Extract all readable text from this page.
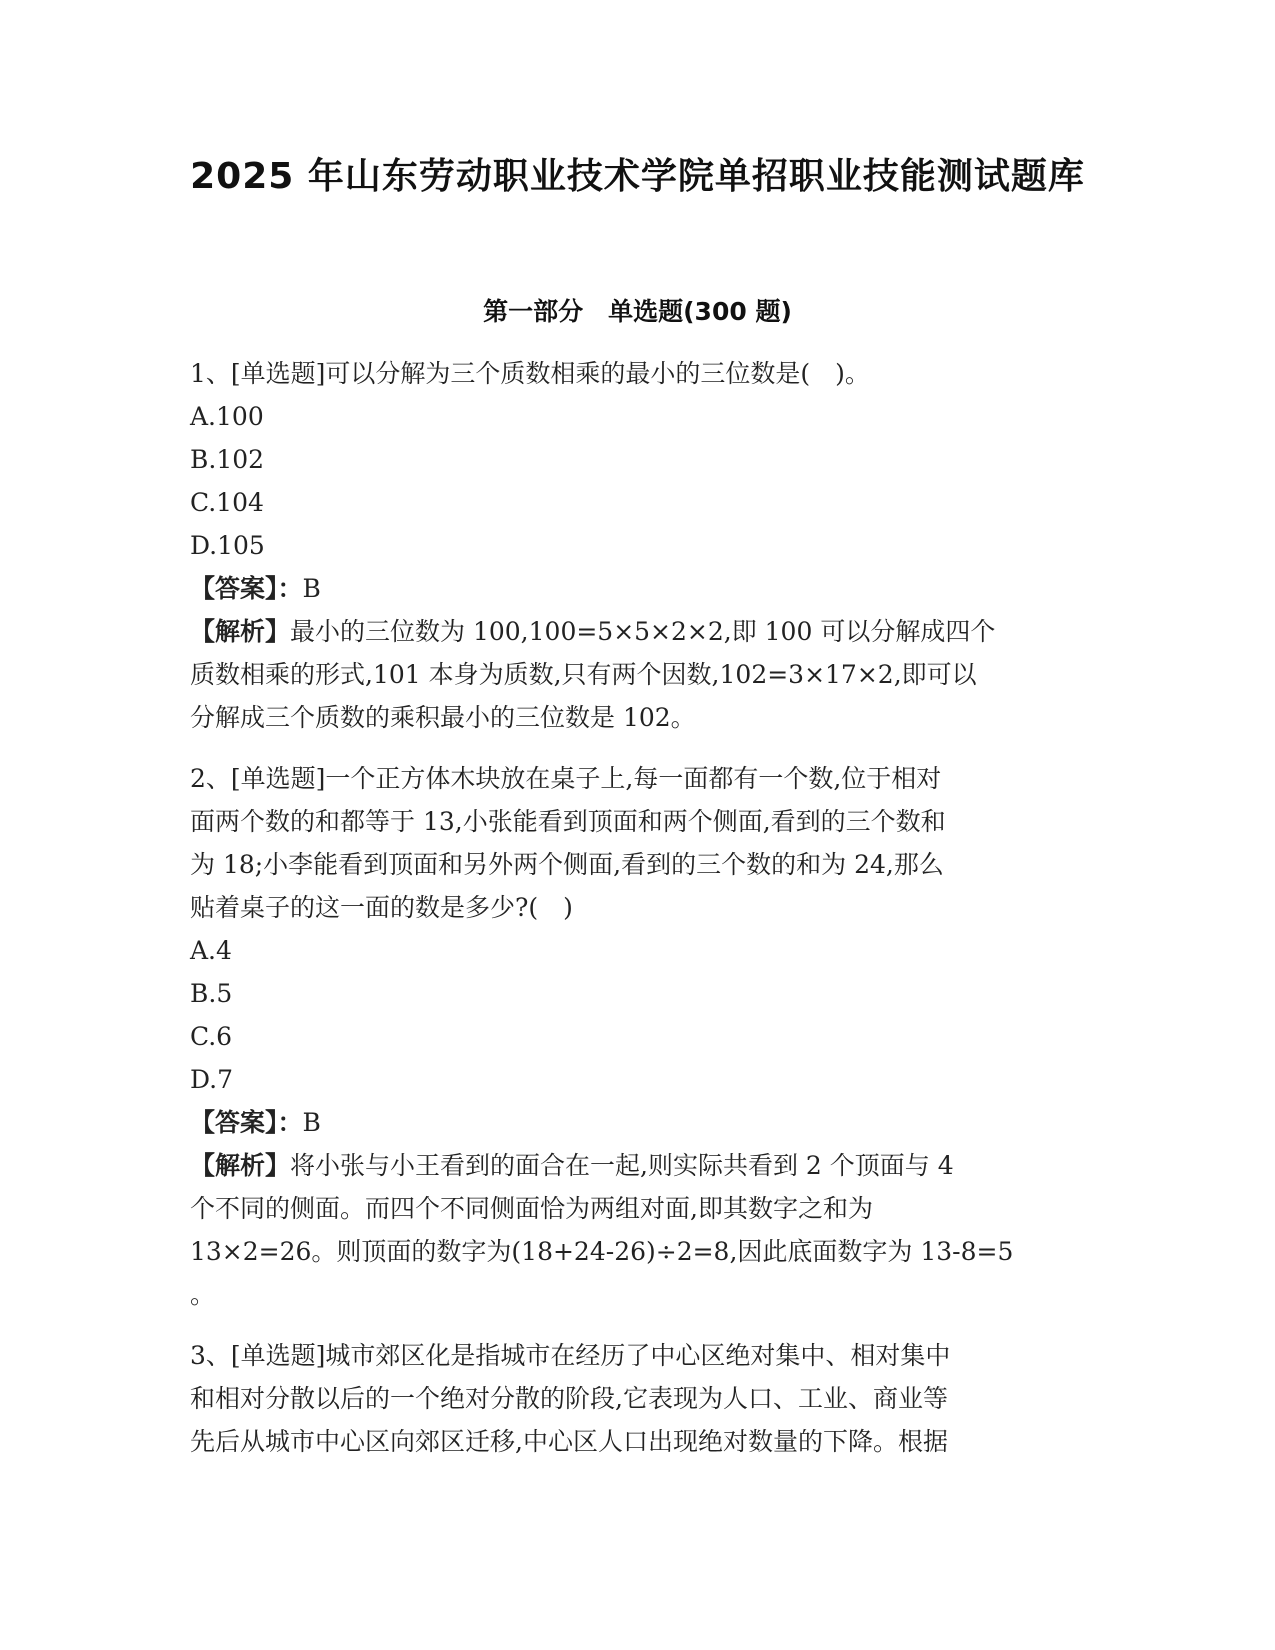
2025 年山东劳动职业技术学院单招职业技能测试题库
第一部分　单选题(300 题)

1、[单选题]可以分解为三个质数相乘的最小的三位数是(　)。

A.100

B.102

C.104

D.105

【答案】：B

【解析】最小的三位数为 100,100=5×5×2×2,即 100 可以分解成四个

质数相乘的形式,101 本身为质数,只有两个因数,102=3×17×2,即可以

分解成三个质数的乘积最小的三位数是 102。

2、[单选题]一个正方体木块放在桌子上,每一面都有一个数,位于相对

面两个数的和都等于 13,小张能看到顶面和两个侧面,看到的三个数和

为 18;小李能看到顶面和另外两个侧面,看到的三个数的和为 24,那么

贴着桌子的这一面的数是多少?(　)

A.4

B.5

C.6

D.7

【答案】：B

【解析】将小张与小王看到的面合在一起,则实际共看到 2 个顶面与 4

个不同的侧面。而四个不同侧面恰为两组对面,即其数字之和为

13×2=26。则顶面的数字为(18+24-26)÷2=8,因此底面数字为 13-8=5

。

3、[单选题]城市郊区化是指城市在经历了中心区绝对集中、相对集中

和相对分散以后的一个绝对分散的阶段,它表现为人口、工业、商业等

先后从城市中心区向郊区迁移,中心区人口出现绝对数量的下降。根据
